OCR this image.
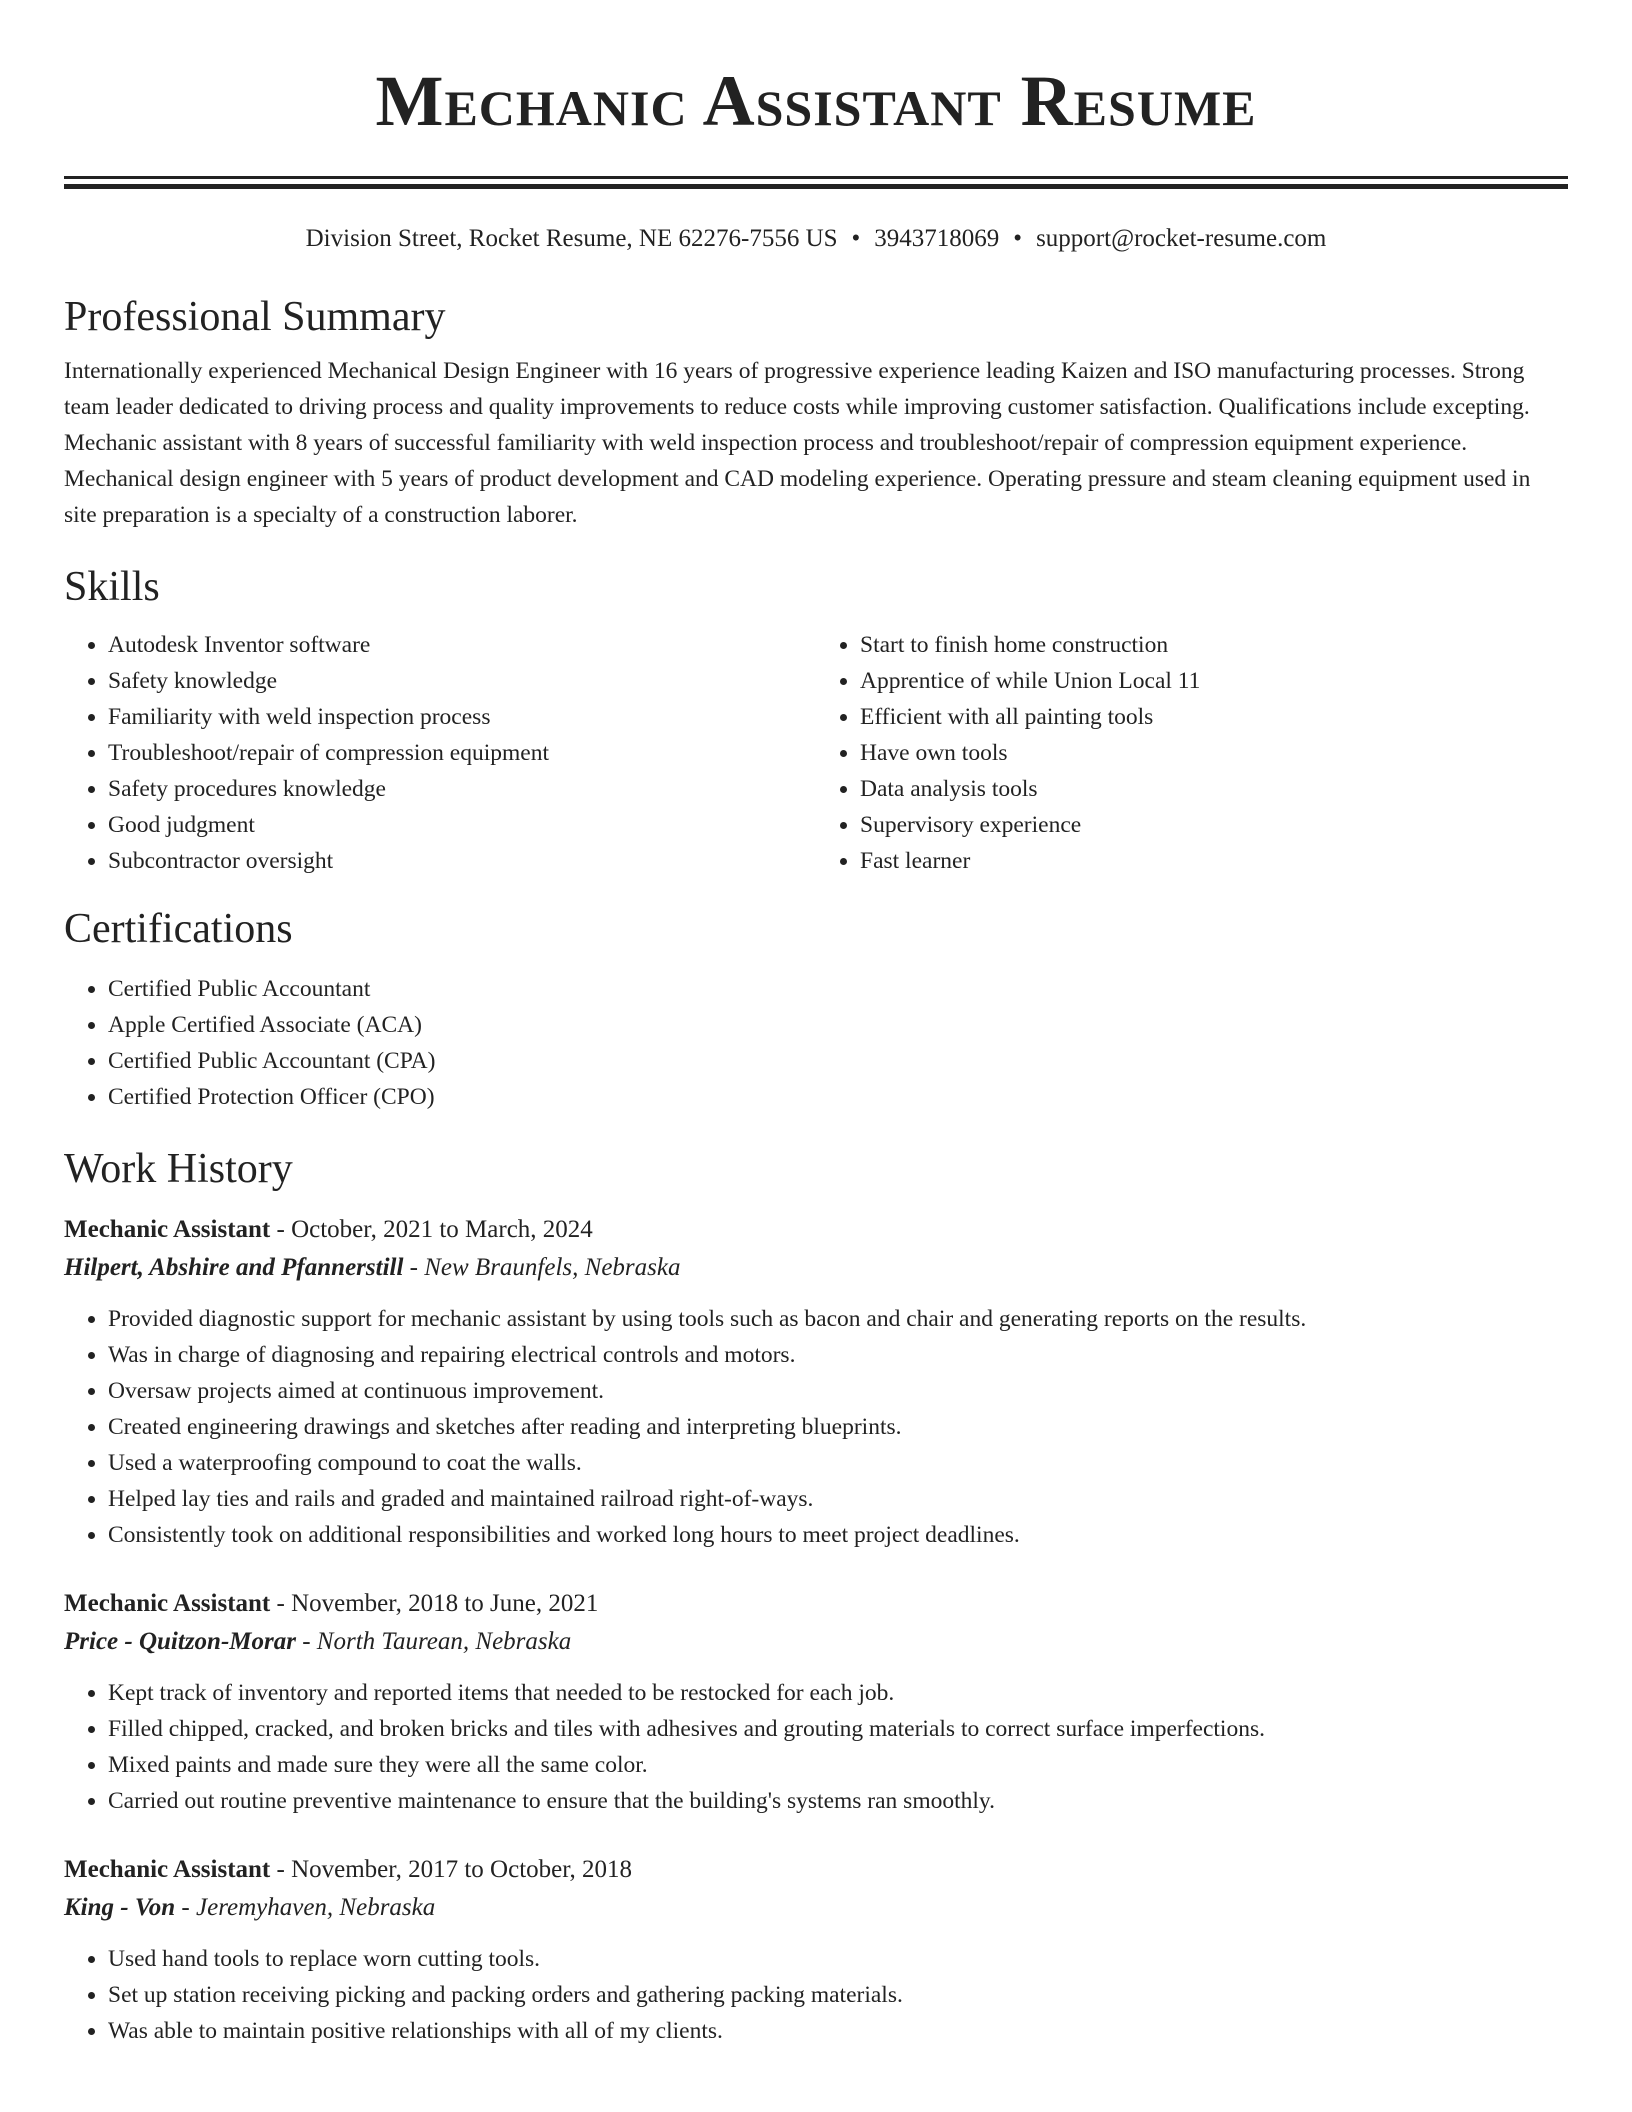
Mechanic Assistant Resume
Division Street, Rocket Resume, NE 62276-7556 US • 3943718069 • support@rocket-resume.com
Professional Summary

Internationally experienced Mechanical Design Engineer with 16 years of progressive experience leading Kaizen and ISO manufacturing processes. Strong team leader dedicated to driving process and quality improvements to reduce costs while improving customer satisfaction. Qualifications include excepting. Mechanic assistant with 8 years of successful familiarity with weld inspection process and troubleshoot/repair of compression equipment experience. Mechanical design engineer with 5 years of product development and CAD modeling experience. Operating pressure and steam cleaning equipment used in site preparation is a specialty of a construction laborer.

Skills
• Autodesk Inventor software
• Safety knowledge
• Familiarity with weld inspection process
• Troubleshoot/repair of compression equipment
• Safety procedures knowledge
• Good judgment
• Subcontractor oversight
• Start to finish home construction
• Apprentice of while Union Local 11
• Efficient with all painting tools
• Have own tools
• Data analysis tools
• Supervisory experience
• Fast learner
Certifications
• Certified Public Accountant
• Apple Certified Associate (ACA)
• Certified Public Accountant (CPA)
• Certified Protection Officer (CPO)
Work History
Mechanic Assistant - October, 2021 to March, 2024
Hilpert, Abshire and Pfannerstill - New Braunfels, Nebraska
• Provided diagnostic support for mechanic assistant by using tools such as bacon and chair and generating reports on the results.
• Was in charge of diagnosing and repairing electrical controls and motors.
• Oversaw projects aimed at continuous improvement.
• Created engineering drawings and sketches after reading and interpreting blueprints.
• Used a waterproofing compound to coat the walls.
• Helped lay ties and rails and graded and maintained railroad right-of-ways.
• Consistently took on additional responsibilities and worked long hours to meet project deadlines.
Mechanic Assistant - November, 2018 to June, 2021
Price - Quitzon-Morar - North Taurean, Nebraska
• Kept track of inventory and reported items that needed to be restocked for each job.
• Filled chipped, cracked, and broken bricks and tiles with adhesives and grouting materials to correct surface imperfections.
• Mixed paints and made sure they were all the same color.
• Carried out routine preventive maintenance to ensure that the building's systems ran smoothly.
Mechanic Assistant - November, 2017 to October, 2018
King - Von - Jeremyhaven, Nebraska
• Used hand tools to replace worn cutting tools.
• Set up station receiving picking and packing orders and gathering packing materials.
• Was able to maintain positive relationships with all of my clients.
